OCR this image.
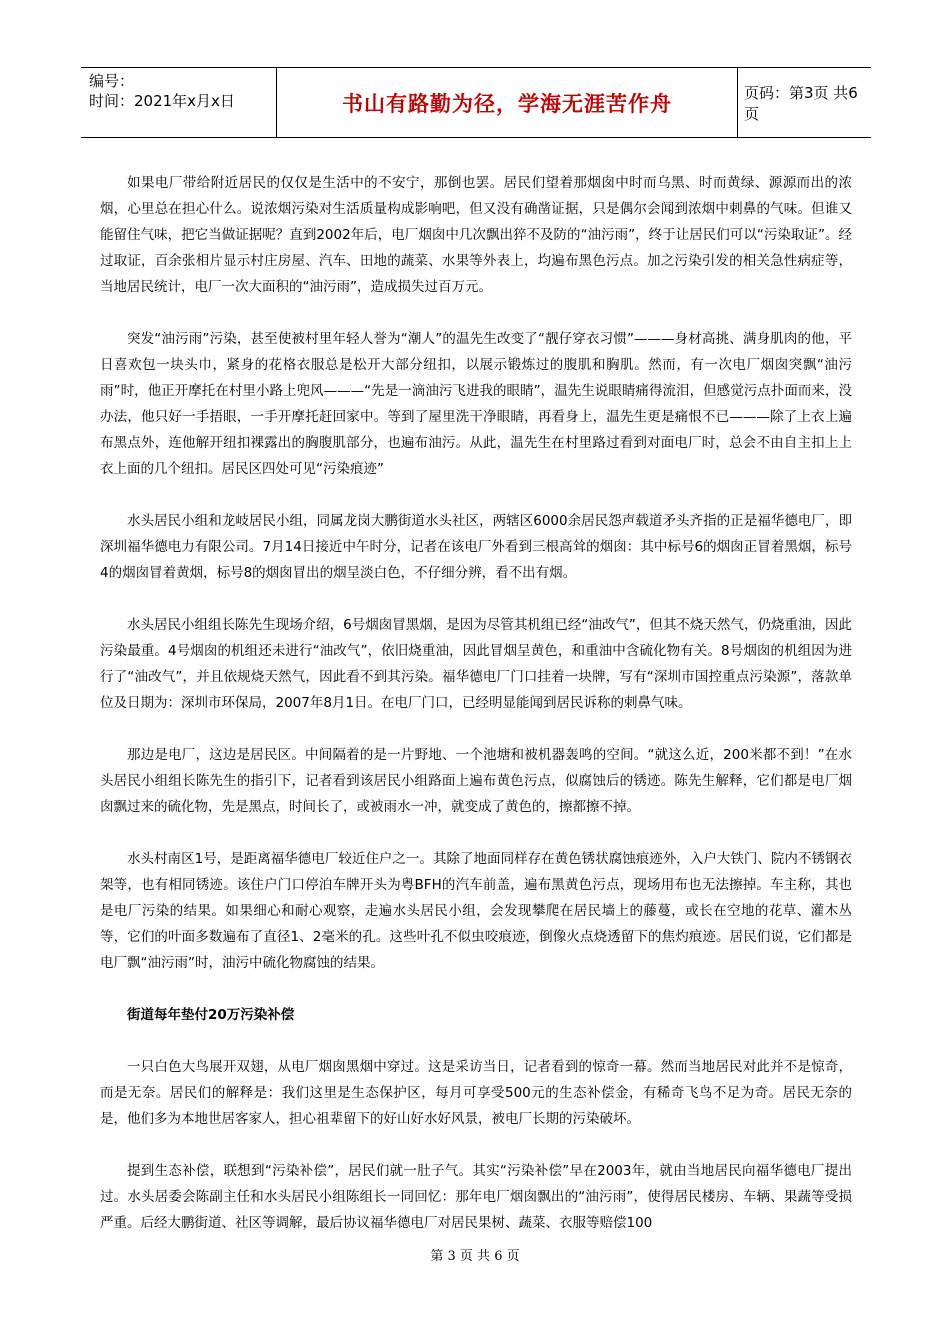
编号：
时间：2021年x月x日	书山有路勤为径，学海无涯苦作舟	页码：第3页 共6页

如果电厂带给附近居民的仅仅是生活中的不安宁，那倒也罢。居民们望着那烟囱中时而乌黑、时而黄绿、源源而出的浓烟，心里总在担心什么。说浓烟污染对生活质量构成影响吧，但又没有确凿证据，只是偶尔会闻到浓烟中刺鼻的气味。但谁又能留住气味，把它当做证据呢？直到2002年后，电厂烟囱中几次飘出猝不及防的“油污雨”，终于让居民们可以“污染取证”。经过取证，百余张相片显示村庄房屋、汽车、田地的蔬菜、水果等外表上，均遍布黑色污点。加之污染引发的相关急性病症等，当地居民统计，电厂一次大面积的“油污雨”，造成损失过百万元。

突发“油污雨”污染，甚至使被村里年轻人誉为“潮人”的温先生改变了“靓仔穿衣习惯”———身材高挑、满身肌肉的他，平日喜欢包一块头巾，紧身的花格衣服总是松开大部分纽扣，以展示锻炼过的腹肌和胸肌。然而，有一次电厂烟囱突飘“油污雨”时，他正开摩托在村里小路上兜风———“先是一滴油污飞进我的眼睛”，温先生说眼睛痛得流泪，但感觉污点扑面而来，没办法，他只好一手捂眼，一手开摩托赶回家中。等到了屋里洗干净眼睛，再看身上，温先生更是痛恨不已———除了上衣上遍布黑点外，连他解开纽扣裸露出的胸腹肌部分，也遍布油污。从此，温先生在村里路过看到对面电厂时，总会不由自主扣上上衣上面的几个纽扣。居民区四处可见“污染痕迹”

水头居民小组和龙岐居民小组，同属龙岗大鹏街道水头社区，两辖区6000余居民怨声载道矛头齐指的正是福华德电厂，即深圳福华德电力有限公司。7月14日接近中午时分，记者在该电厂外看到三根高耸的烟囱：其中标号6的烟囱正冒着黑烟，标号4的烟囱冒着黄烟，标号8的烟囱冒出的烟呈淡白色，不仔细分辨，看不出有烟。

水头居民小组组长陈先生现场介绍，6号烟囱冒黑烟，是因为尽管其机组已经“油改气”，但其不烧天然气，仍烧重油，因此污染最重。4号烟囱的机组还未进行“油改气”，依旧烧重油，因此冒烟呈黄色，和重油中含硫化物有关。8号烟囱的机组因为进行了“油改气”，并且依规烧天然气，因此看不到其污染。福华德电厂门口挂着一块牌，写有“深圳市国控重点污染源”，落款单位及日期为：深圳市环保局，2007年8月1日。在电厂门口，已经明显能闻到居民诉称的刺鼻气味。

那边是电厂，这边是居民区。中间隔着的是一片野地、一个池塘和被机器轰鸣的空间。“就这么近，200米都不到！”在水头居民小组组长陈先生的指引下，记者看到该居民小组路面上遍布黄色污点，似腐蚀后的锈迹。陈先生解释，它们都是电厂烟囱飘过来的硫化物，先是黑点，时间长了，或被雨水一冲，就变成了黄色的，擦都擦不掉。

水头村南区1号，是距离福华德电厂较近住户之一。其除了地面同样存在黄色锈状腐蚀痕迹外，入户大铁门、院内不锈钢衣架等，也有相同锈迹。该住户门口停泊车牌开头为粤BFH的汽车前盖，遍布黑黄色污点，现场用布也无法擦掉。车主称，其也是电厂污染的结果。如果细心和耐心观察，走遍水头居民小组，会发现攀爬在居民墙上的藤蔓，或长在空地的花草、灌木丛等，它们的叶面多数遍布了直径1、2毫米的孔。这些叶孔不似虫咬痕迹，倒像火点烧透留下的焦灼痕迹。居民们说，它们都是电厂飘“油污雨”时，油污中硫化物腐蚀的结果。

街道每年垫付20万污染补偿

一只白色大鸟展开双翅，从电厂烟囱黑烟中穿过。这是采访当日，记者看到的惊奇一幕。然而当地居民对此并不是惊奇，而是无奈。居民们的解释是：我们这里是生态保护区，每月可享受500元的生态补偿金，有稀奇飞鸟不足为奇。居民无奈的是，他们多为本地世居客家人，担心祖辈留下的好山好水好风景，被电厂长期的污染破坏。

提到生态补偿，联想到“污染补偿”，居民们就一肚子气。其实“污染补偿”早在2003年，就由当地居民向福华德电厂提出过。水头居委会陈副主任和水头居民小组陈组长一同回忆：那年电厂烟囱飘出的“油污雨”，使得居民楼房、车辆、果蔬等受损严重。后经大鹏街道、社区等调解，最后协议福华德电厂对居民果树、蔬菜、衣服等赔偿100

第 3 页 共 6 页
